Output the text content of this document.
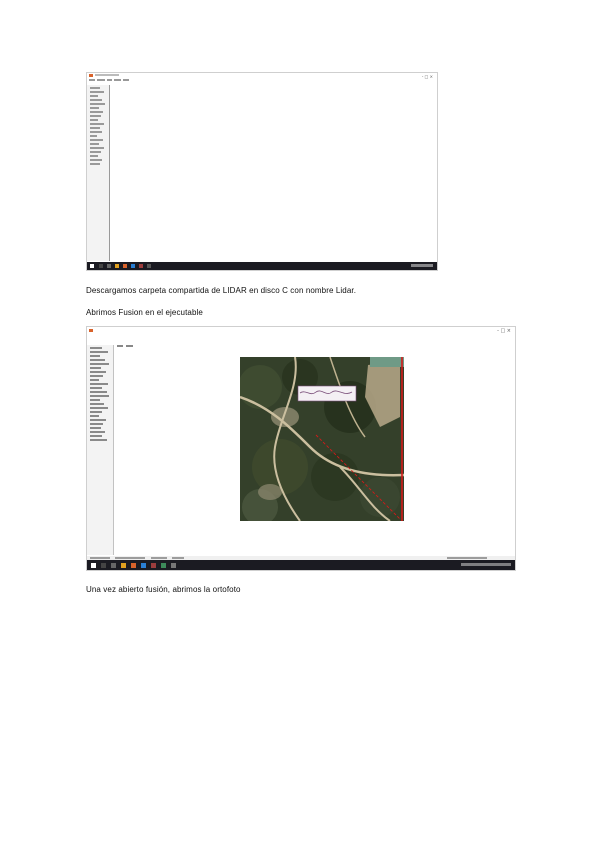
- □ ×
Descargamos carpeta compartida de LIDAR en disco C con nombre Lidar.
Abrimos Fusion en el ejecutable
- □ ×
Una vez abierto fusión, abrimos la ortofoto
